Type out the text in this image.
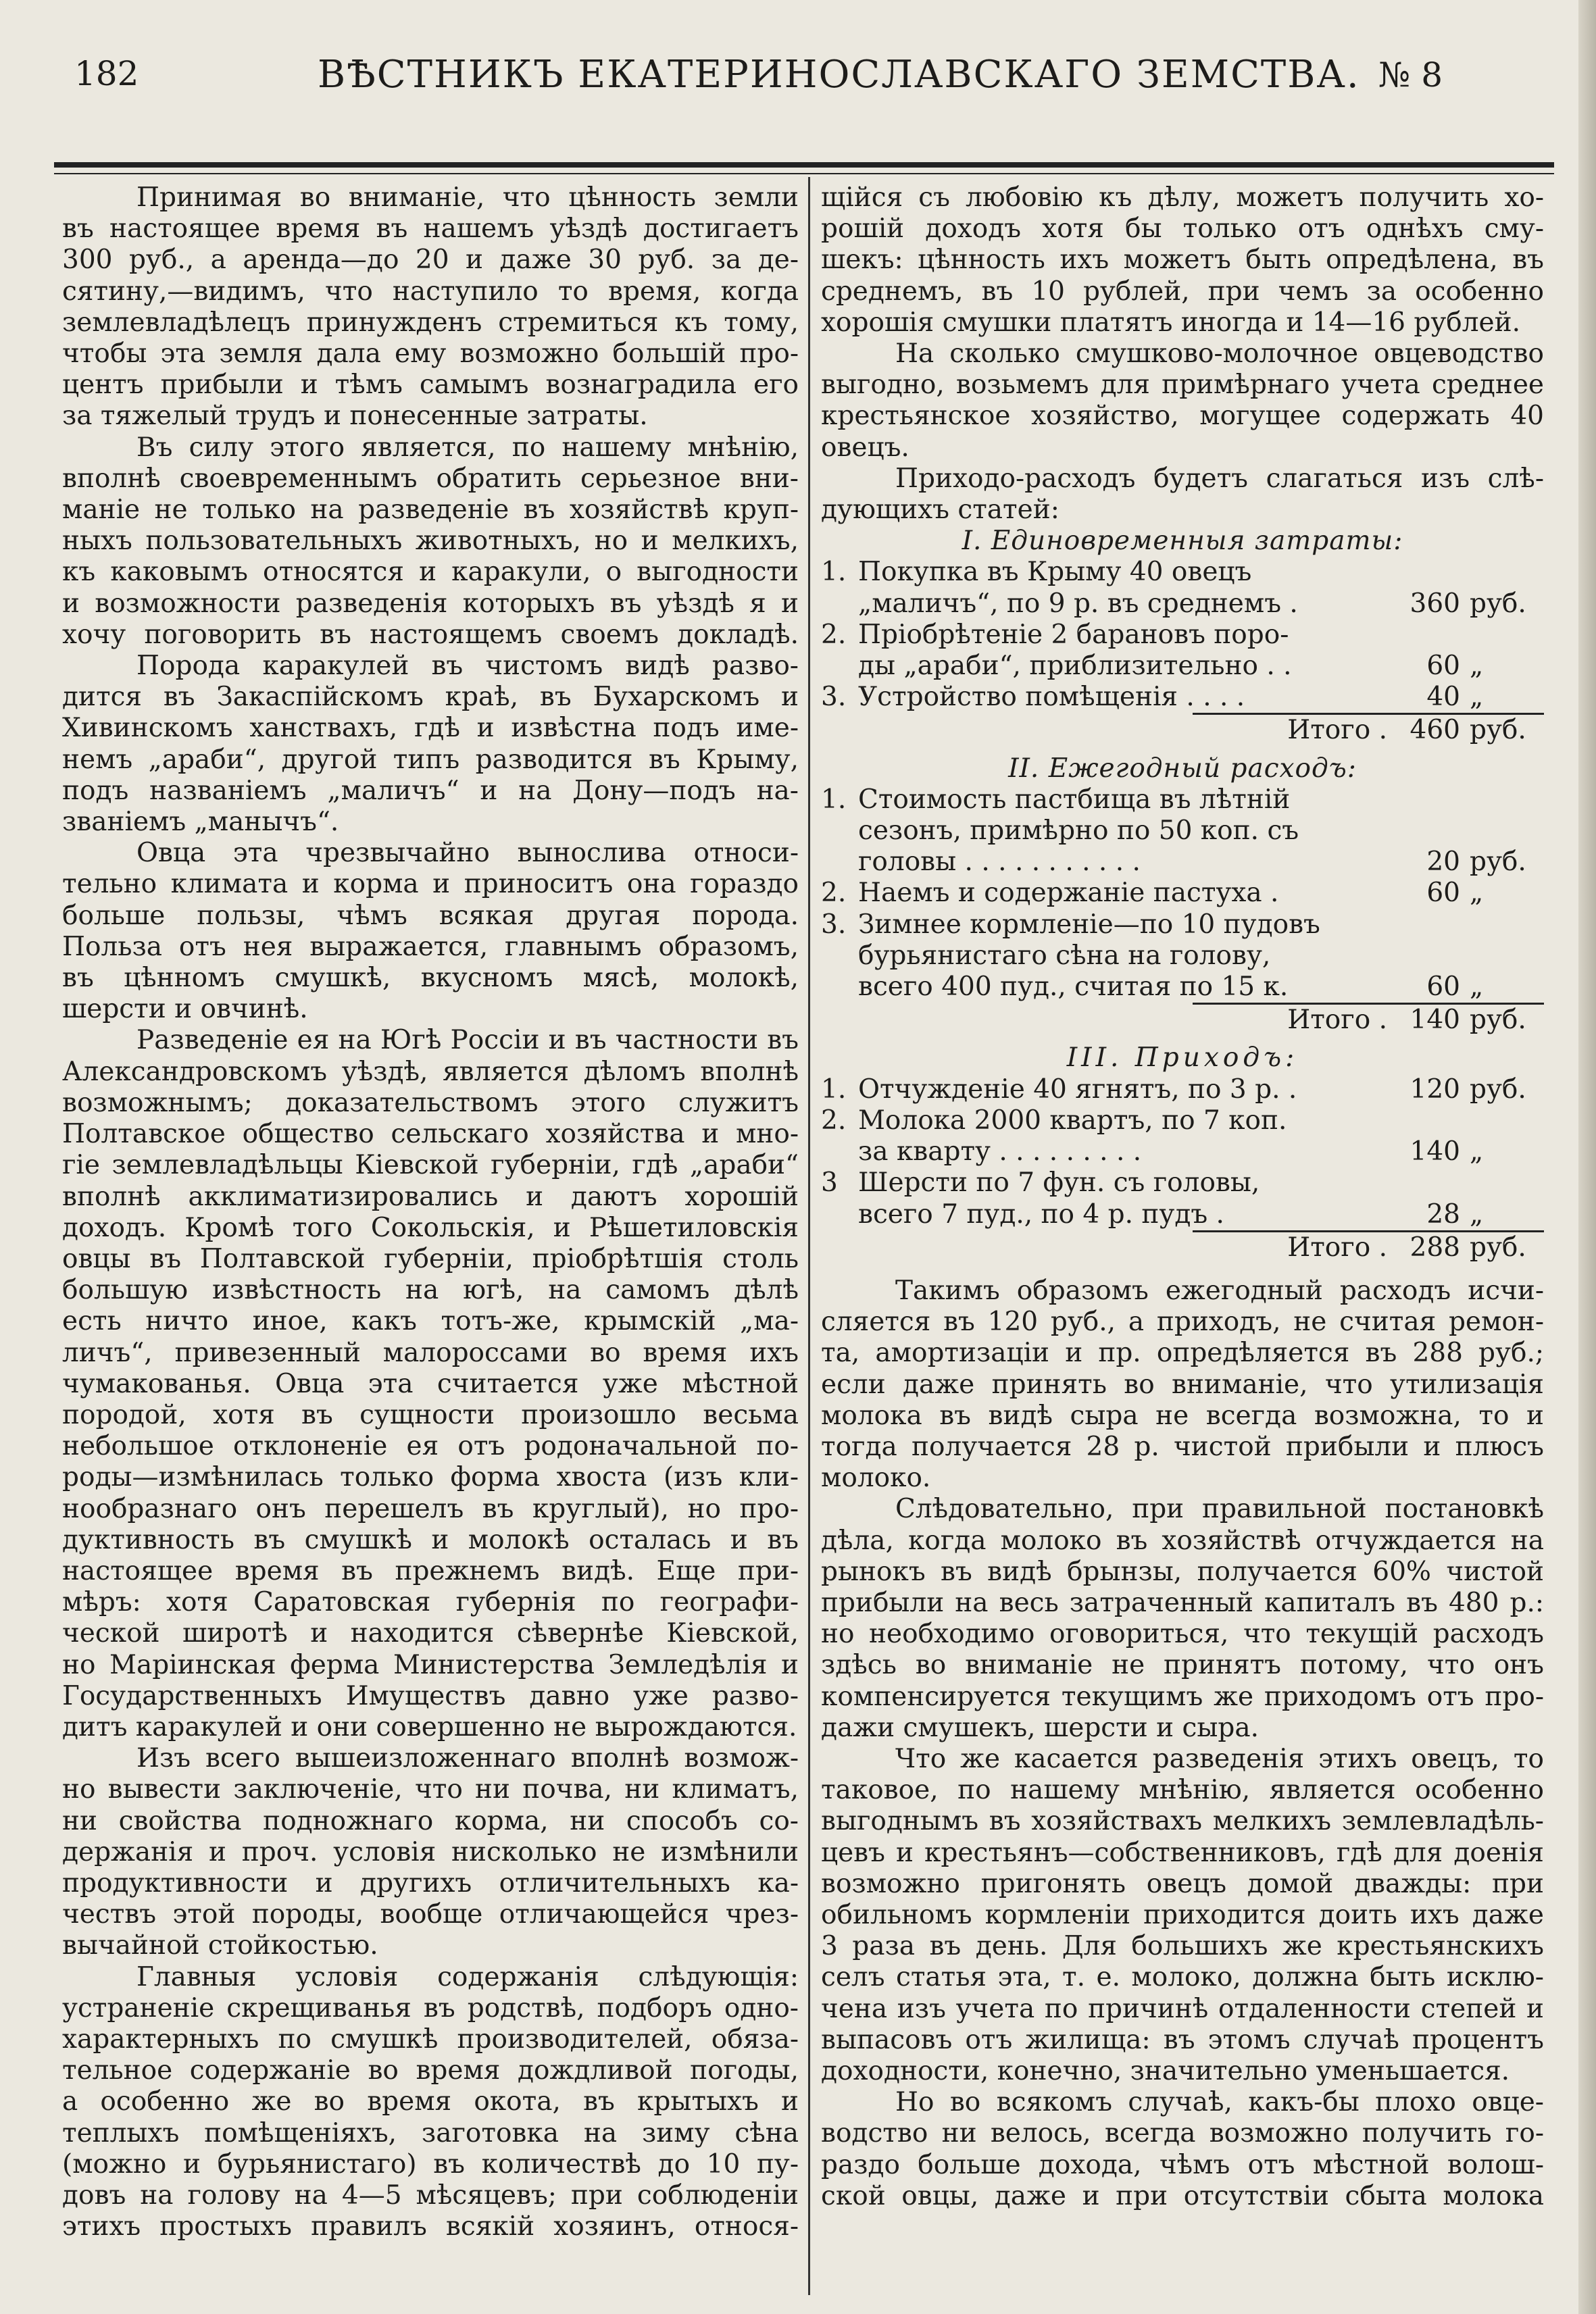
182	ВѢСТНИКЪ ЕКАТЕРИНОСЛАВСКАГО ЗЕМСТВА. № 8
Принимая во вниманіе, что цѣнность земли
въ настоящее время въ нашемъ уѣздѣ достигаетъ
300 руб., а аренда—до 20 и даже 30 руб. за де-
сятину,—видимъ, что наступило то время, когда
землевладѣлецъ принужденъ стремиться къ тому,
чтобы эта земля дала ему возможно большій про-
центъ прибыли и тѣмъ самымъ вознаградила его
за тяжелый трудъ и понесенные затраты.
Въ силу этого является, по нашему мнѣнію,
вполнѣ своевременнымъ обратить серьезное вни-
маніе не только на разведеніе въ хозяйствѣ круп-
ныхъ пользовательныхъ животныхъ, но и мелкихъ,
къ каковымъ относятся и каракули, о выгодности
и возможности разведенія которыхъ въ уѣздѣ я и
хочу поговорить въ настоящемъ своемъ докладѣ.
Порода каракулей въ чистомъ видѣ разво-
дится въ Закаспійскомъ краѣ, въ Бухарскомъ и
Хивинскомъ ханствахъ, гдѣ и извѣстна подъ име-
немъ „араби“, другой типъ разводится въ Крыму,
подъ названіемъ „маличъ“ и на Дону—подъ на-
званіемъ „манычъ“.
Овца эта чрезвычайно вынослива относи-
тельно климата и корма и приноситъ она гораздо
больше пользы, чѣмъ всякая другая порода.
Польза отъ нея выражается, главнымъ образомъ,
въ цѣнномъ смушкѣ, вкусномъ мясѣ, молокѣ,
шерсти и овчинѣ.
Разведеніе ея на Югѣ Россіи и въ частности въ
Александровскомъ уѣздѣ, является дѣломъ вполнѣ
возможнымъ; доказательствомъ этого служитъ
Полтавское общество сельскаго хозяйства и мно-
гіе землевладѣльцы Кіевской губерніи, гдѣ „араби“
вполнѣ акклиматизировались и даютъ хорошій
доходъ. Кромѣ того Сокольскія, и Рѣшетиловскія
овцы въ Полтавской губерніи, пріобрѣтшія столь
большую извѣстность на югѣ, на самомъ дѣлѣ
есть ничто иное, какъ тотъ-же, крымскій „ма-
личъ“, привезенный малороссами во время ихъ
чумакованья. Овца эта считается уже мѣстной
породой, хотя въ сущности произошло весьма
небольшое отклоненіе ея отъ родоначальной по-
роды—измѣнилась только форма хвоста (изъ кли-
нообразнаго онъ перешелъ въ круглый), но про-
дуктивность въ смушкѣ и молокѣ осталась и въ
настоящее время въ прежнемъ видѣ. Еще при-
мѣръ: хотя Саратовская губернія по географи-
ческой широтѣ и находится сѣвернѣе Кіевской,
но Маріинская ферма Министерства Земледѣлія и
Государственныхъ Имуществъ давно уже разво-
дитъ каракулей и они совершенно не вырождаются.
Изъ всего вышеизложеннаго вполнѣ возмож-
но вывести заключеніе, что ни почва, ни климатъ,
ни свойства подножнаго корма, ни способъ со-
держанія и проч. условія нисколько не измѣнили
продуктивности и другихъ отличительныхъ ка-
чествъ этой породы, вообще отличающейся чрез-
вычайной стойкостью.
Главныя условія содержанія слѣдующія:
устраненіе скрещиванья въ родствѣ, подборъ одно-
характерныхъ по смушкѣ производителей, обяза-
тельное содержаніе во время дождливой погоды,
а особенно же во время окота, въ крытыхъ и
теплыхъ помѣщеніяхъ, заготовка на зиму сѣна
(можно и бурьянистаго) въ количествѣ до 10 пу-
довъ на голову на 4—5 мѣсяцевъ; при соблюденіи
этихъ простыхъ правилъ всякій хозяинъ, относя-
щійся съ любовію къ дѣлу, можетъ получить хо-
рошій доходъ хотя бы только отъ однѣхъ сму-
шекъ: цѣнность ихъ можетъ быть опредѣлена, въ
среднемъ, въ 10 рублей, при чемъ за особенно
хорошія смушки платятъ иногда и 14—16 рублей.
На сколько смушково-молочное овцеводство
выгодно, возьмемъ для примѣрнаго учета среднее
крестьянское хозяйство, могущее содержать 40
овецъ.
Приходо-расходъ будетъ слагаться изъ слѣ-
дующихъ статей:

I. Единовременныя затраты:

1. Покупка въ Крыму 40 овецъ
„маличъ“, по 9 р. въ среднемъ .	360 руб.
2. Пріобрѣтеніе 2 барановъ поро-
ды „араби“, приблизительно . .	60 „
3. Устройство помѣщенія . . . .	40 „
Итого . 460 руб.

II. Ежегодный расходъ:

1. Стоимость пастбища въ лѣтній
сезонъ, примѣрно по 50 коп. съ
головы . . . . . . . . . . .	20 руб.
2. Наемъ и содержаніе пастуха .	60 „
3. Зимнее кормленіе—по 10 пудовъ
бурьянистаго сѣна на голову,
всего 400 пуд., считая по 15 к.	60 „
Итого . 140 руб.

III. Приходъ:

1. Отчужденіе 40 ягнятъ, по 3 р. .	120 руб.
2. Молока 2000 квартъ, по 7 коп.
за кварту . . . . . . . . .	140 „
3 Шерсти по 7 фун. съ головы,
всего 7 пуд., по 4 р. пудъ .	28 „
Итого . 288 руб.
Такимъ образомъ ежегодный расходъ исчи-
сляется въ 120 руб., а приходъ, не считая ремон-
та, амортизаціи и пр. опредѣляется въ 288 руб.;
если даже принять во вниманіе, что утилизація
молока въ видѣ сыра не всегда возможна, то и
тогда получается 28 р. чистой прибыли и плюсъ
молоко.
Слѣдовательно, при правильной постановкѣ
дѣла, когда молоко въ хозяйствѣ отчуждается на
рынокъ въ видѣ брынзы, получается 60% чистой
прибыли на весь затраченный капиталъ въ 480 р.:
но необходимо оговориться, что текущій расходъ
здѣсь во вниманіе не принятъ потому, что онъ
компенсируется текущимъ же приходомъ отъ про-
дажи смушекъ, шерсти и сыра.
Что же касается разведенія этихъ овецъ, то
таковое, по нашему мнѣнію, является особенно
выгоднымъ въ хозяйствахъ мелкихъ землевладѣль-
цевъ и крестьянъ—собственниковъ, гдѣ для доенія
возможно пригонять овецъ домой дважды: при
обильномъ кормленіи приходится доить ихъ даже
3 раза въ день. Для большихъ же крестьянскихъ
селъ статья эта, т. е. молоко, должна быть исклю-
чена изъ учета по причинѣ отдаленности степей и
выпасовъ отъ жилища: въ этомъ случаѣ процентъ
доходности, конечно, значительно уменьшается.
Но во всякомъ случаѣ, какъ-бы плохо овце-
водство ни велось, всегда возможно получить го-
раздо больше дохода, чѣмъ отъ мѣстной волош-
ской овцы, даже и при отсутствіи сбыта молока
